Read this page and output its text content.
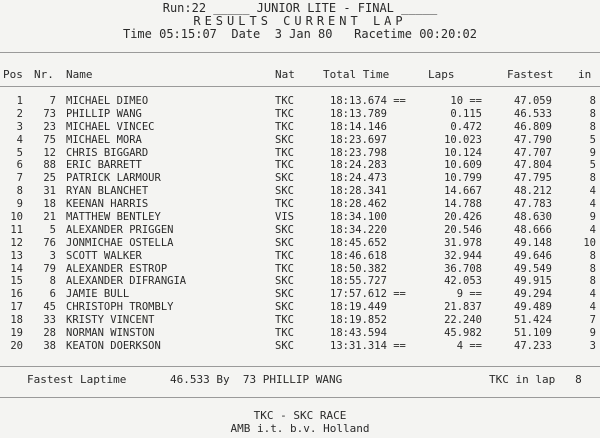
Run:22 _____ JUNIOR LITE - FINAL _____
RESULTS CURRENT LAP
Time 05:15:07  Date  3 Jan 80   Racetime 00:20:02
Pos Nr. Name	Nat	Total Time	Laps	Fastest in
1	7 MICHAEL DIMEO	TKC	18:13.674 ==	10 ==	47.059	8
2	73 PHILLIP WANG	TKC	18:13.789	0.115	46.533	8
3	23 MICHAEL VINCEC	TKC	18:14.146	0.472	46.809	8
4	75 MICHAEL MORA	SKC	18:23.697	10.023	47.790	5
5	12 CHRIS BIGGARD	TKC	18:23.798	10.124	47.707	9
6	88 ERIC BARRETT	TKC	18:24.283	10.609	47.804	5
7	25 PATRICK LARMOUR	SKC	18:24.473	10.799	47.795	8
8	31 RYAN BLANCHET	SKC	18:28.341	14.667	48.212	4
9	18 KEENAN HARRIS	TKC	18:28.462	14.788	47.783	4
10	21 MATTHEW BENTLEY	VIS	18:34.100	20.426	48.630	9
11	5 ALEXANDER PRIGGEN	SKC	18:34.220	20.546	48.666	4
12	76 JONMICHAE OSTELLA	SKC	18:45.652	31.978	49.148	10
13	3 SCOTT WALKER	TKC	18:46.618	32.944	49.646	8
14	79 ALEXANDER ESTROP	TKC	18:50.382	36.708	49.549	8
15	8 ALEXANDER DIFRANGIA	SKC	18:55.727	42.053	49.915	8
16	6 JAMIE BULL	SKC	17:57.612 ==	9 ==	49.294	4
17	45 CHRISTOPH TROMBLY	SKC	18:19.449	21.837	49.489	4
18	33 KRISTY VINCENT	TKC	18:19.852	22.240	51.424	7
19	28 NORMAN WINSTON	TKC	18:43.594	45.982	51.109	9
20	38 KEATON DOERKSON	SKC	13:31.314 ==	4 ==	47.233	3
Fastest Laptime	46.533 By  73 PHILLIP WANG	TKC in lap   8
TKC - SKC RACE
AMB i.t. b.v. Holland
